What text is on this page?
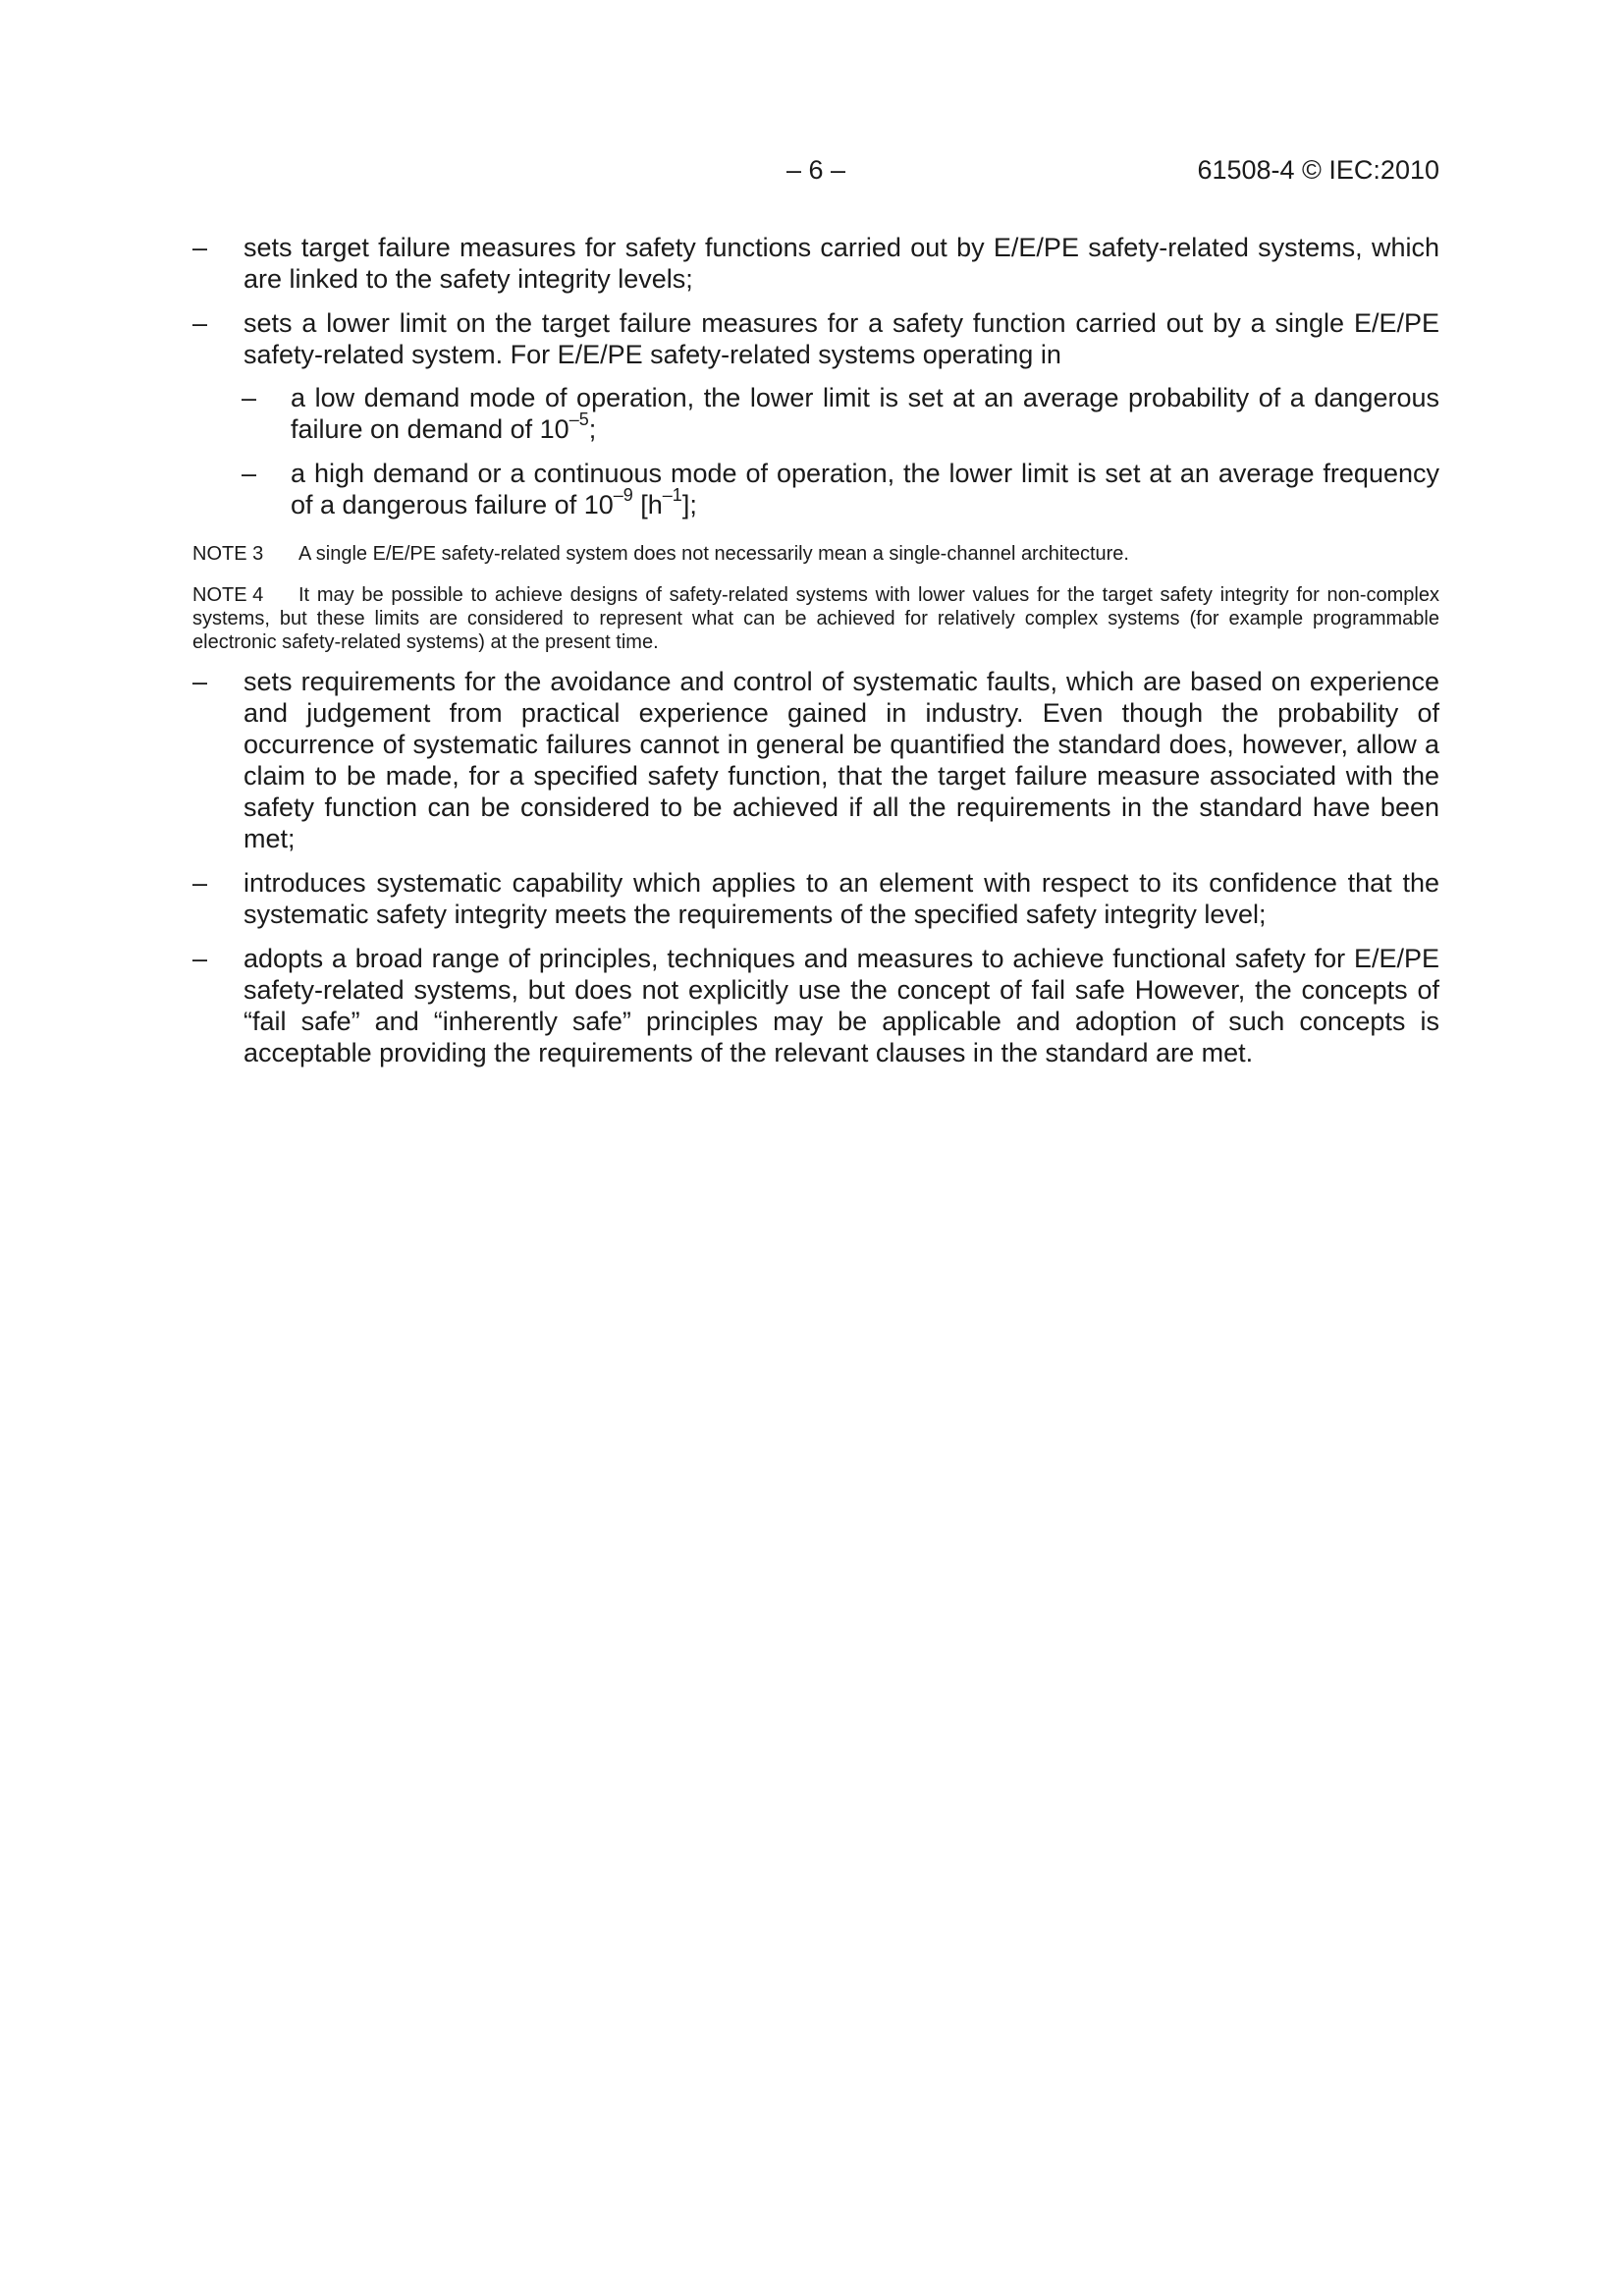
– 6 –	61508-4 © IEC:2010
– sets target failure measures for safety functions carried out by E/E/PE safety-related systems, which are linked to the safety integrity levels;
– sets a lower limit on the target failure measures for a safety function carried out by a single E/E/PE safety-related system. For E/E/PE safety-related systems operating in
– a low demand mode of operation, the lower limit is set at an average probability of a dangerous failure on demand of $10^{-5}$;
– a high demand or a continuous mode of operation, the lower limit is set at an average frequency of a dangerous failure of $10^{-9}$ $[h^{-1}]$;
NOTE 3 A single E/E/PE safety-related system does not necessarily mean a single-channel architecture.
NOTE 4 It may be possible to achieve designs of safety-related systems with lower values for the target safety integrity for non-complex systems, but these limits are considered to represent what can be achieved for relatively complex systems (for example programmable electronic safety-related systems) at the present time.
– sets requirements for the avoidance and control of systematic faults, which are based on experience and judgement from practical experience gained in industry. Even though the probability of occurrence of systematic failures cannot in general be quantified the standard does, however, allow a claim to be made, for a specified safety function, that the target failure measure associated with the safety function can be considered to be achieved if all the requirements in the standard have been met;
– introduces systematic capability which applies to an element with respect to its confidence that the systematic safety integrity meets the requirements of the specified safety integrity level;
– adopts a broad range of principles, techniques and measures to achieve functional safety for E/E/PE safety-related systems, but does not explicitly use the concept of fail safe However, the concepts of “fail safe” and “inherently safe” principles may be applicable and adoption of such concepts is acceptable providing the requirements of the relevant clauses in the standard are met.
